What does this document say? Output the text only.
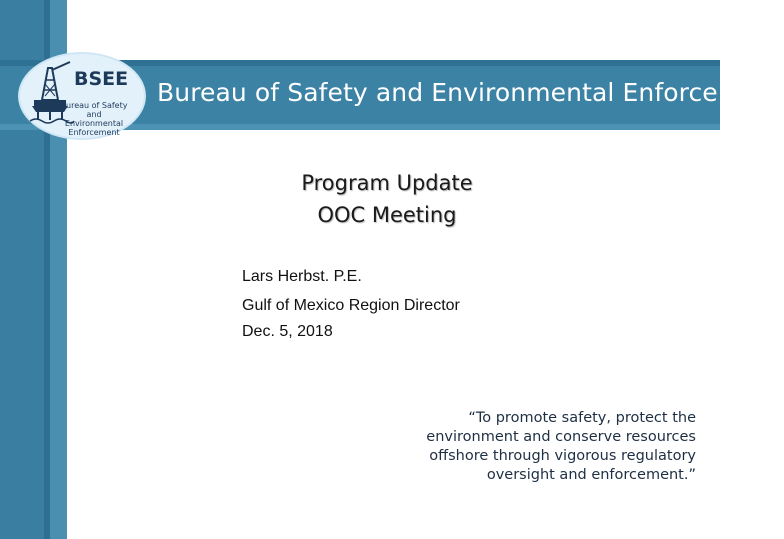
Bureau of Safety and Environmental Enforcement
BSEE
Bureau of Safety and
Environmental
Enforcement
Program Update
OOC Meeting
Lars Herbst. P.E.
Gulf of Mexico Region Director
Dec. 5, 2018
“To promote safety, protect the
environment and conserve resources
offshore through vigorous regulatory
oversight and enforcement.”
